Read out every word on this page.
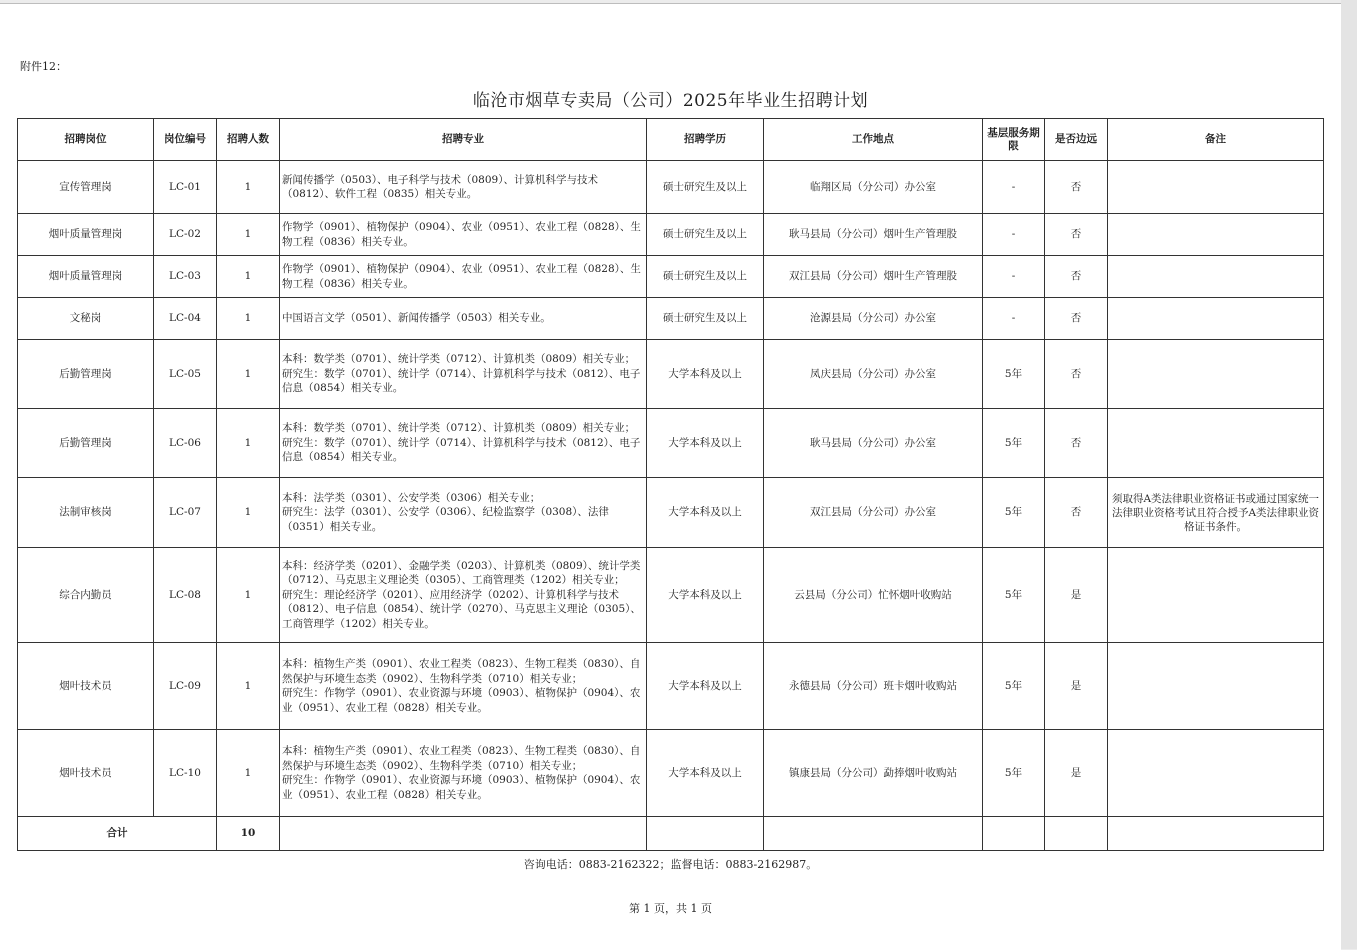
附件12：
临沧市烟草专卖局（公司）2025年毕业生招聘计划
招聘岗位	岗位编号	招聘人数	招聘专业	招聘学历	工作地点	基层服务期限	是否边远	备注
宣传管理岗	LC-01	1	新闻传播学（0503）、电子科学与技术（0809）、计算机科学与技术（0812）、软件工程（0835）相关专业。	硕士研究生及以上	临翔区局（分公司）办公室	-	否	
烟叶质量管理岗	LC-02	1	作物学（0901）、植物保护（0904）、农业（0951）、农业工程（0828）、生物工程（0836）相关专业。	硕士研究生及以上	耿马县局（分公司）烟叶生产管理股	-	否	
烟叶质量管理岗	LC-03	1	作物学（0901）、植物保护（0904）、农业（0951）、农业工程（0828）、生物工程（0836）相关专业。	硕士研究生及以上	双江县局（分公司）烟叶生产管理股	-	否	
文秘岗	LC-04	1	中国语言文学（0501）、新闻传播学（0503）相关专业。	硕士研究生及以上	沧源县局（分公司）办公室	-	否	
后勤管理岗	LC-05	1	本科：数学类（0701）、统计学类（0712）、计算机类（0809）相关专业；
研究生：数学（0701）、统计学（0714）、计算机科学与技术（0812）、电子信息（0854）相关专业。	大学本科及以上	凤庆县局（分公司）办公室	5年	否	
后勤管理岗	LC-06	1	本科：数学类（0701）、统计学类（0712）、计算机类（0809）相关专业；
研究生：数学（0701）、统计学（0714）、计算机科学与技术（0812）、电子信息（0854）相关专业。	大学本科及以上	耿马县局（分公司）办公室	5年	否	
法制审核岗	LC-07	1	本科：法学类（0301）、公安学类（0306）相关专业；
研究生：法学（0301）、公安学（0306）、纪检监察学（0308）、法律（0351）相关专业。	大学本科及以上	双江县局（分公司）办公室	5年	否	须取得A类法律职业资格证书或通过国家统一法律职业资格考试且符合授予A类法律职业资格证书条件。
综合内勤员	LC-08	1	本科：经济学类（0201）、金融学类（0203）、计算机类（0809）、统计学类（0712）、马克思主义理论类（0305）、工商管理类（1202）相关专业；
研究生：理论经济学（0201）、应用经济学（0202）、计算机科学与技术（0812）、电子信息（0854）、统计学（0270）、马克思主义理论（0305）、工商管理学（1202）相关专业。	大学本科及以上	云县局（分公司）忙怀烟叶收购站	5年	是	
烟叶技术员	LC-09	1	本科：植物生产类（0901）、农业工程类（0823）、生物工程类（0830）、自然保护与环境生态类（0902）、生物科学类（0710）相关专业；
研究生：作物学（0901）、农业资源与环境（0903）、植物保护（0904）、农业（0951）、农业工程（0828）相关专业。	大学本科及以上	永德县局（分公司）班卡烟叶收购站	5年	是	
烟叶技术员	LC-10	1	本科：植物生产类（0901）、农业工程类（0823）、生物工程类（0830）、自然保护与环境生态类（0902）、生物科学类（0710）相关专业；
研究生：作物学（0901）、农业资源与环境（0903）、植物保护（0904）、农业（0951）、农业工程（0828）相关专业。	大学本科及以上	镇康县局（分公司）勐捧烟叶收购站	5年	是	
合计		10						
咨询电话：0883-2162322；监督电话：0883-2162987。
第 1 页，共 1 页
